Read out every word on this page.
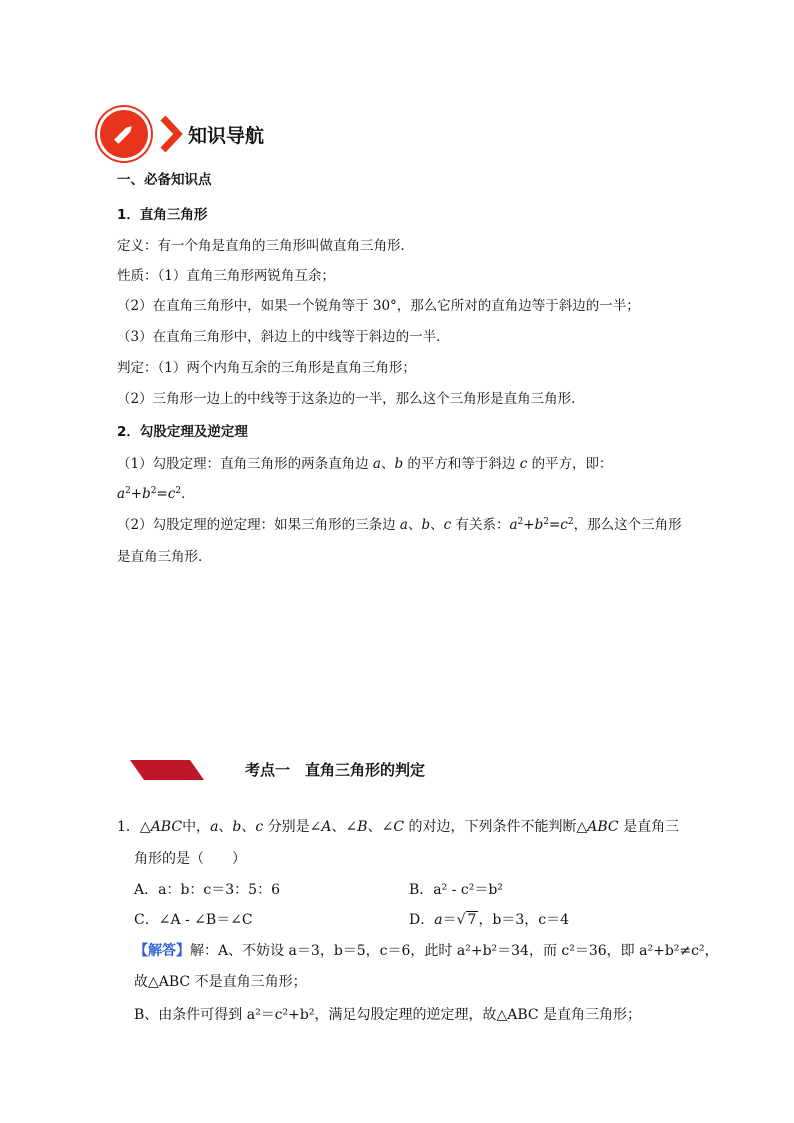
知识导航
一、必备知识点
1．直角三角形
定义：有一个角是直角的三角形叫做直角三角形．
性质：（1）直角三角形两锐角互余；
（2）在直角三角形中，如果一个锐角等于 30°，那么它所对的直角边等于斜边的一半；
（3）在直角三角形中，斜边上的中线等于斜边的一半．
判定：（1）两个内角互余的三角形是直角三角形；
（2）三角形一边上的中线等于这条边的一半，那么这个三角形是直角三角形．
2．勾股定理及逆定理
（1）勾股定理：直角三角形的两条直角边 a、b 的平方和等于斜边 c 的平方，即：
$a^2+b^2=c^2$．
（2）勾股定理的逆定理：如果三角形的三条边 a、b、c 有关系：$a^2+b^2=c^2$，那么这个三角形
是直角三角形．
考点一　直角三角形的判定
1．△ABC中，a、b、c 分别是∠A、∠B、∠C 的对边，下列条件不能判断△ABC 是直角三
角形的是（　　）
A．a：b：c＝3：5：6	B．a² - c²＝b²
C．∠A - ∠B＝∠C	D．a＝√ 7 ，b＝3，c＝4
【解答】解：A、不妨设 a＝3，b＝5，c＝6，此时 a²+b²＝34，而 c²＝36，即 a²+b²≠c²，
故△ABC 不是直角三角形；
B、由条件可得到 a²＝c²+b²，满足勾股定理的逆定理，故△ABC 是直角三角形；
